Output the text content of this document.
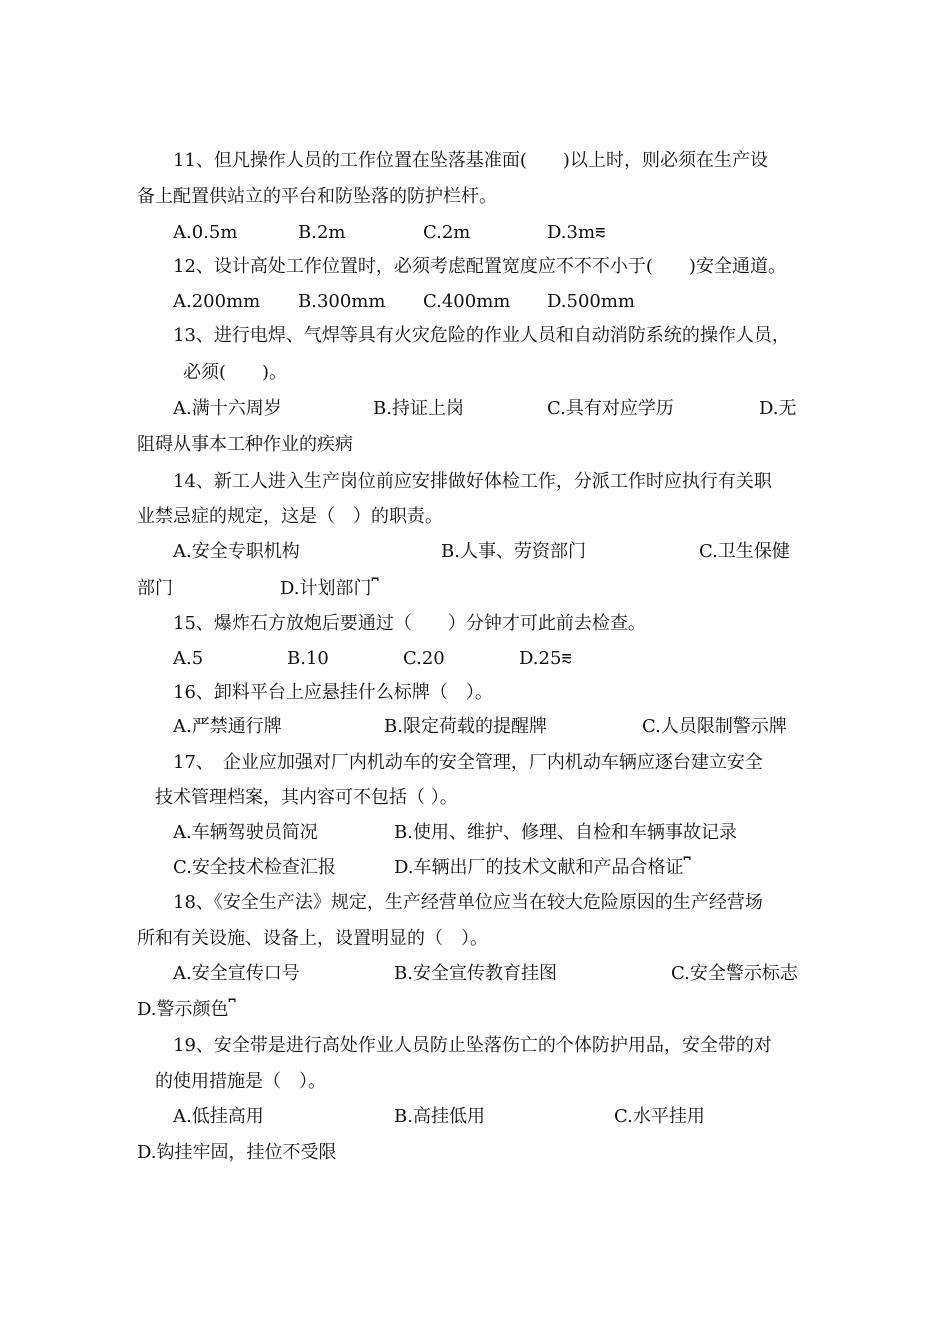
11、但凡操作人员的工作位置在坠落基准面(　　)以上时，则必须在生产设
备上配置供站立的平台和防坠落的防护栏杆。
A.0.5m	B.2m	C.2m	D.3m⩳
12、设计高处工作位置时，必须考虑配置宽度应不不不小于(　　)安全通道。
A.200mm B.300mm C.400mm D.500mm
13、进行电焊、气焊等具有火灾危险的作业人员和自动消防系统的操作人员，
必须(　　)。
A.满十六周岁	B.持证上岗	C.具有对应学历	D.无
阻碍从事本工种作业的疾病
14、新工人进入生产岗位前应安排做好体检工作，分派工作时应执行有关职
业禁忌症的规定，这是（　）的职责。
A.安全专职机构	B.人事、劳资部门	C.卫生保健
部门	D.计划部门⎴
15、爆炸石方放炮后要通过（　　）分钟才可此前去检查。
A.5	B.10	C.20	D.25⩳
16、卸料平台上应悬挂什么标牌（　）。
A.严禁通行牌	B.限定荷载的提醒牌	C.人员限制警示牌
17、　企业应加强对厂内机动车的安全管理，厂内机动车辆应逐台建立安全
技术管理档案，其内容可不包括（ ）。
A.车辆驾驶员简况	B.使用、维护、修理、自检和车辆事故记录
C.安全技术检查汇报	D.车辆出厂的技术文献和产品合格证⎴
18、《安全生产法》规定，生产经营单位应当在较大危险原因的生产经营场
所和有关设施、设备上，设置明显的（　）。
A.安全宣传口号	B.安全宣传教育挂图	C.安全警示标志
D.警示颜色⎴
19、安全带是进行高处作业人员防止坠落伤亡的个体防护用品，安全带的对
的使用措施是（　）。
A.低挂高用	B.高挂低用	C.水平挂用
D.钩挂牢固，挂位不受限
